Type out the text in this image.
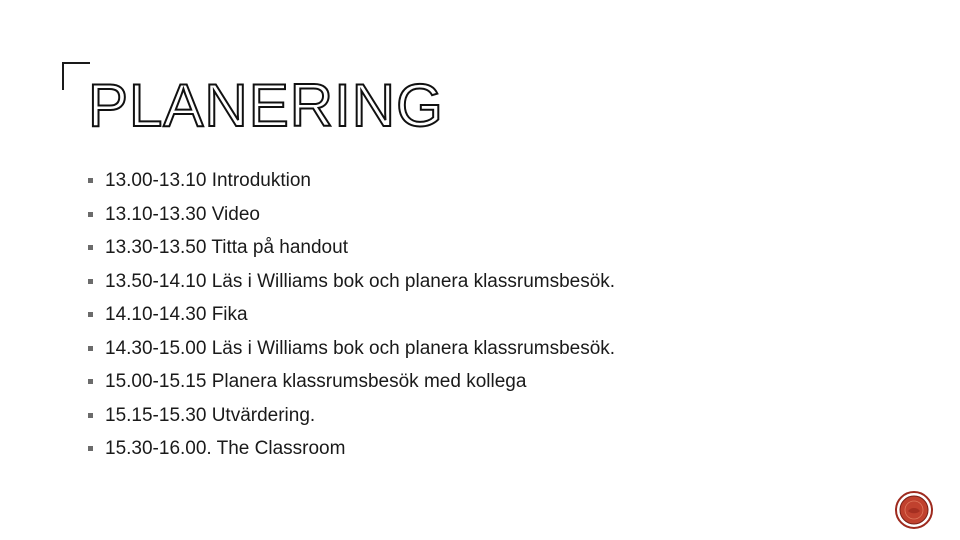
PLANERING
13.00-13.10 Introduktion
13.10-13.30 Video
13.30-13.50 Titta på handout
13.50-14.10 Läs i Williams bok och planera klassrumsbesök.
14.10-14.30 Fika
14.30-15.00 Läs i Williams bok och planera klassrumsbesök.
15.00-15.15 Planera klassrumsbesök med kollega
15.15-15.30 Utvärdering.
15.30-16.00. The Classroom
